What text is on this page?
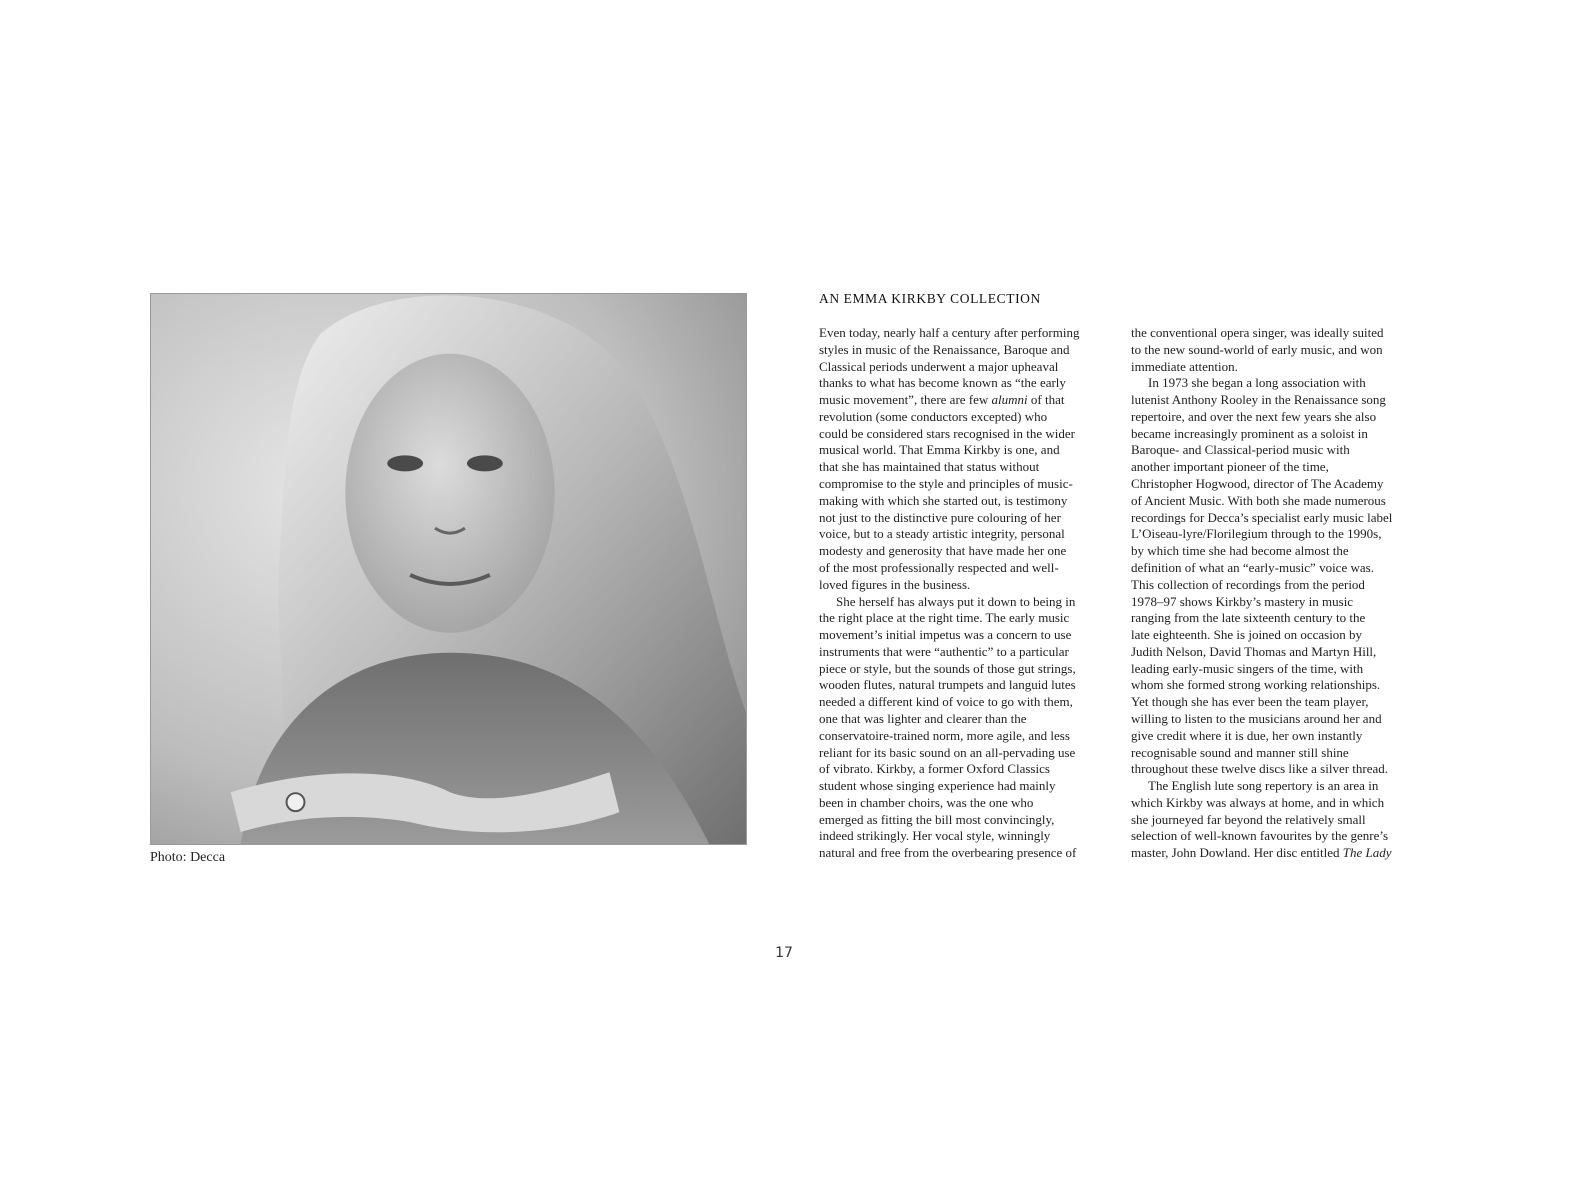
Photo: Decca
AN EMMA KIRKBY COLLECTION
Even today, nearly half a century after performing
styles in music of the Renaissance, Baroque and
Classical periods underwent a major upheaval
thanks to what has become known as “the early
music movement”, there are few alumni of that
revolution (some conductors excepted) who
could be considered stars recognised in the wider
musical world. That Emma Kirkby is one, and
that she has maintained that status without
compromise to the style and principles of music-
making with which she started out, is testimony
not just to the distinctive pure colouring of her
voice, but to a steady artistic integrity, personal
modesty and generosity that have made her one
of the most professionally respected and well-
loved figures in the business.
She herself has always put it down to being in
the right place at the right time. The early music
movement’s initial impetus was a concern to use
instruments that were “authentic” to a particular
piece or style, but the sounds of those gut strings,
wooden flutes, natural trumpets and languid lutes
needed a different kind of voice to go with them,
one that was lighter and clearer than the
conservatoire-trained norm, more agile, and less
reliant for its basic sound on an all-pervading use
of vibrato. Kirkby, a former Oxford Classics
student whose singing experience had mainly
been in chamber choirs, was the one who
emerged as fitting the bill most convincingly,
indeed strikingly. Her vocal style, winningly
natural and free from the overbearing presence of
the conventional opera singer, was ideally suited
to the new sound-world of early music, and won
immediate attention.
In 1973 she began a long association with
lutenist Anthony Rooley in the Renaissance song
repertoire, and over the next few years she also
became increasingly prominent as a soloist in
Baroque- and Classical-period music with
another important pioneer of the time,
Christopher Hogwood, director of The Academy
of Ancient Music. With both she made numerous
recordings for Decca’s specialist early music label
L’Oiseau-lyre/Florilegium through to the 1990s,
by which time she had become almost the
definition of what an “early-music” voice was.
This collection of recordings from the period
1978–97 shows Kirkby’s mastery in music
ranging from the late sixteenth century to the
late eighteenth. She is joined on occasion by
Judith Nelson, David Thomas and Martyn Hill,
leading early-music singers of the time, with
whom she formed strong working relationships.
Yet though she has ever been the team player,
willing to listen to the musicians around her and
give credit where it is due, her own instantly
recognisable sound and manner still shine
throughout these twelve discs like a silver thread.
The English lute song repertory is an area in
which Kirkby was always at home, and in which
she journeyed far beyond the relatively small
selection of well-known favourites by the genre’s
master, John Dowland. Her disc entitled The Lady
17
